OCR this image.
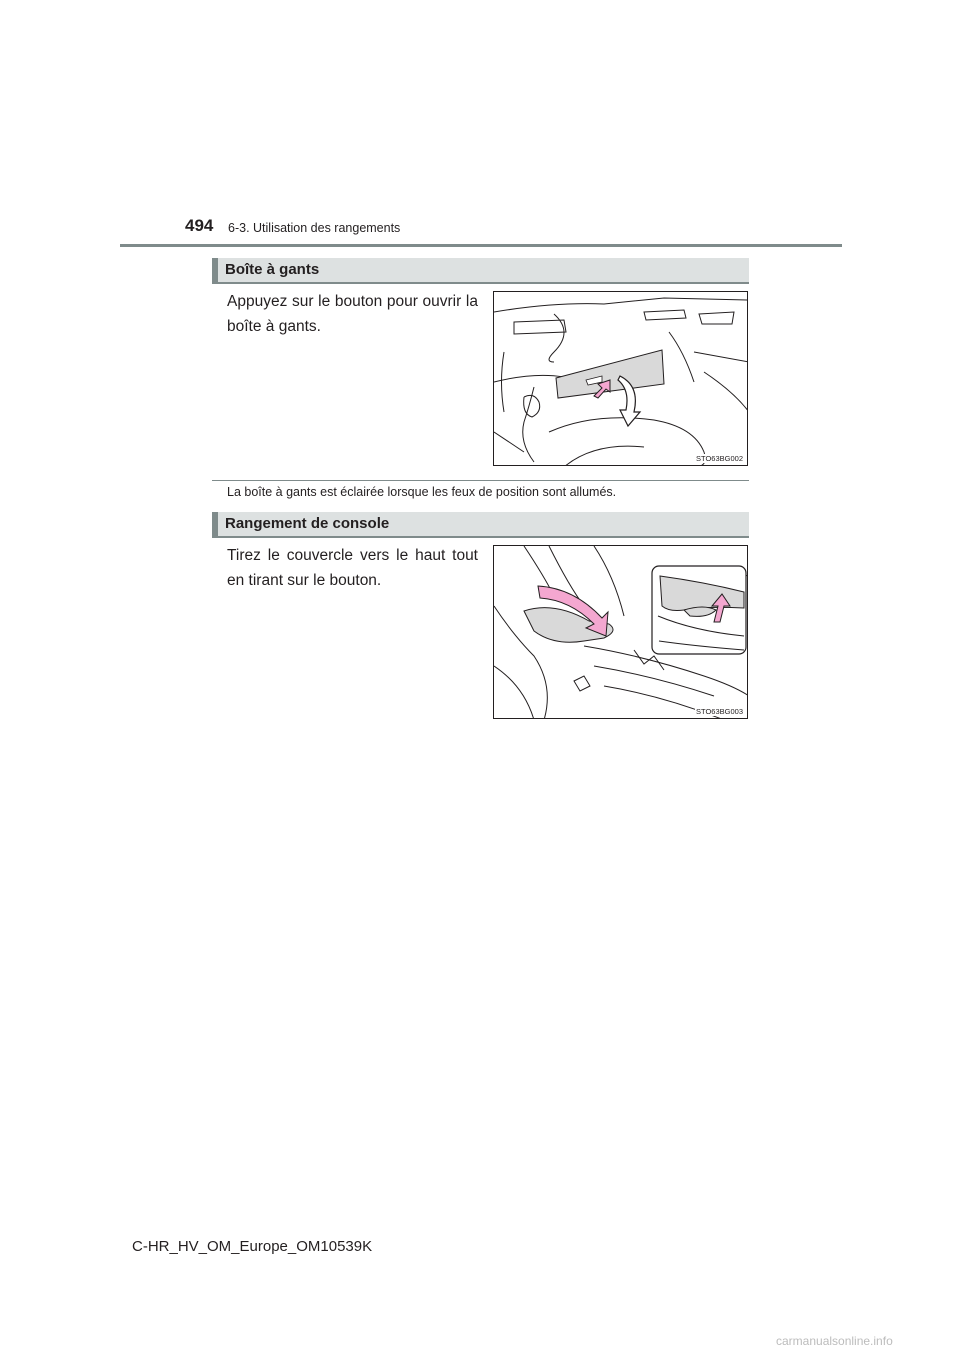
494 6-3. Utilisation des rangements
Boîte à gants
Appuyez sur le bouton pour ouvrir la boîte à gants.
STO63BG002
La boîte à gants est éclairée lorsque les feux de position sont allumés.
Rangement de console
Tirez le couvercle vers le haut tout en tirant sur le bouton.
STO63BG003
C-HR_HV_OM_Europe_OM10539K
carmanualsonline.info
